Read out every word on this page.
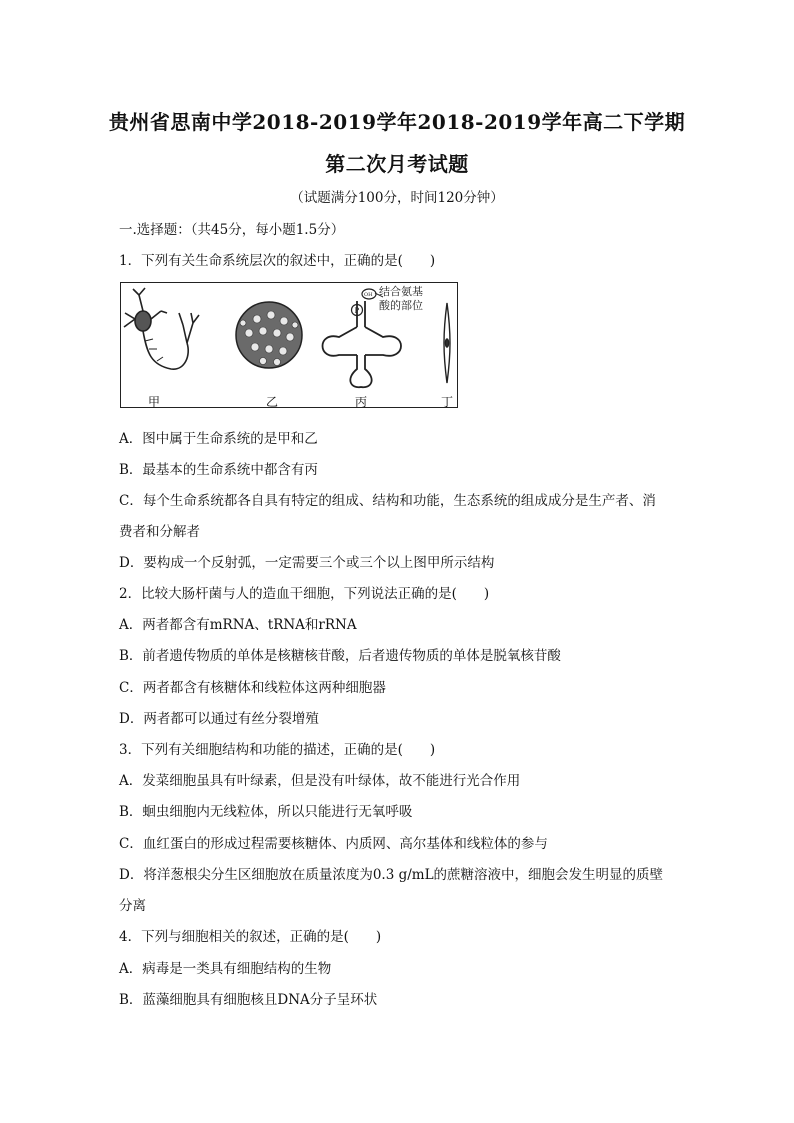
贵州省思南中学2018-2019学年2018-2019学年高二下学期
第二次月考试题
（试题满分100分，时间120分钟）
一.选择题：（共45分，每小题1.5分）
1．下列有关生命系统层次的叙述中，正确的是(　　)
P
OH 结合氨基
酸的部位
甲	乙	丙	丁
A．图中属于生命系统的是甲和乙
B．最基本的生命系统中都含有丙
C．每个生命系统都各自具有特定的组成、结构和功能，生态系统的组成成分是生产者、消
费者和分解者
D．要构成一个反射弧，一定需要三个或三个以上图甲所示结构
2．比较大肠杆菌与人的造血干细胞，下列说法正确的是(　　)
A．两者都含有mRNA、tRNA和rRNA
B．前者遗传物质的单体是核糖核苷酸，后者遗传物质的单体是脱氧核苷酸
C．两者都含有核糖体和线粒体这两种细胞器
D．两者都可以通过有丝分裂增殖
3．下列有关细胞结构和功能的描述，正确的是(　　)
A．发菜细胞虽具有叶绿素，但是没有叶绿体，故不能进行光合作用
B．蛔虫细胞内无线粒体，所以只能进行无氧呼吸
C．血红蛋白的形成过程需要核糖体、内质网、高尔基体和线粒体的参与
D．将洋葱根尖分生区细胞放在质量浓度为0.3 g/mL的蔗糖溶液中，细胞会发生明显的质壁
分离
4．下列与细胞相关的叙述，正确的是(　　)
A．病毒是一类具有细胞结构的生物
B．蓝藻细胞具有细胞核且DNA分子呈环状
